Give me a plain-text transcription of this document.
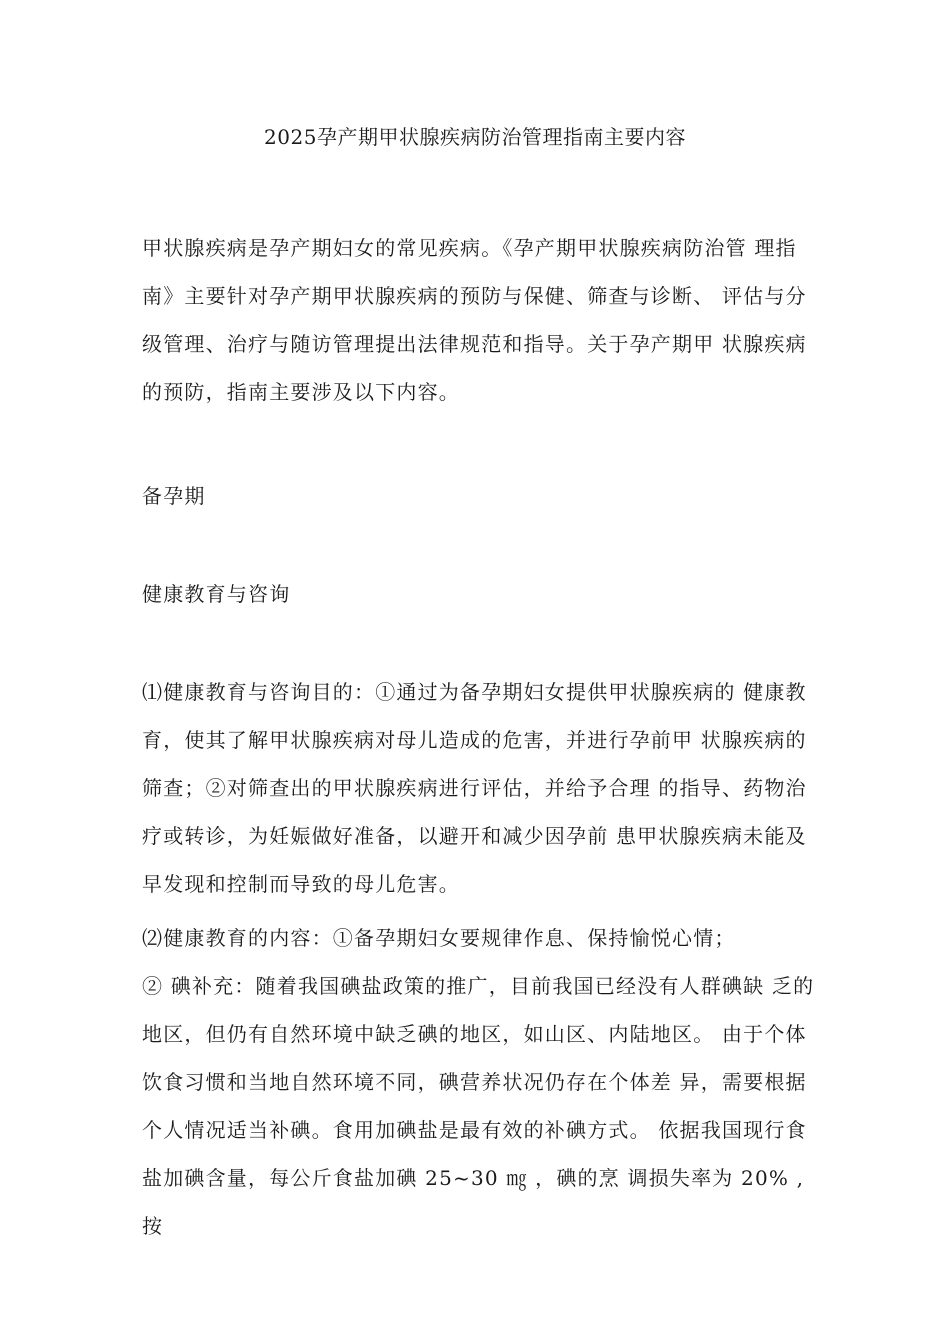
2025孕产期甲状腺疾病防治管理指南主要内容

甲状腺疾病是孕产期妇女的常见疾病。《孕产期甲状腺疾病防治管 理指南》主要针对孕产期甲状腺疾病的预防与保健、筛查与诊断、 评估与分级管理、治疗与随访管理提出法律规范和指导。关于孕产期甲 状腺疾病的预防，指南主要涉及以下内容。

备孕期

健康教育与咨询

⑴健康教育与咨询目的：①通过为备孕期妇女提供甲状腺疾病的 健康教育，使其了解甲状腺疾病对母儿造成的危害，并进行孕前甲 状腺疾病的筛查；②对筛查出的甲状腺疾病进行评估，并给予合理 的指导、药物治疗或转诊，为妊娠做好准备，以避开和减少因孕前 患甲状腺疾病未能及早发现和控制而导致的母儿危害。

⑵健康教育的内容：①备孕期妇女要规律作息、保持愉悦心情；

② 碘补充：随着我国碘盐政策的推广，目前我国已经没有人群碘缺 乏的地区，但仍有自然环境中缺乏碘的地区，如山区、内陆地区。 由于个体饮食习惯和当地自然环境不同，碘营养状况仍存在个体差 异，需要根据个人情况适当补碘。食用加碘盐是最有效的补碘方式。 依据我国现行食盐加碘含量，每公斤食盐加碘 25~30 ㎎ ，碘的烹 调损失率为 20% ,按
